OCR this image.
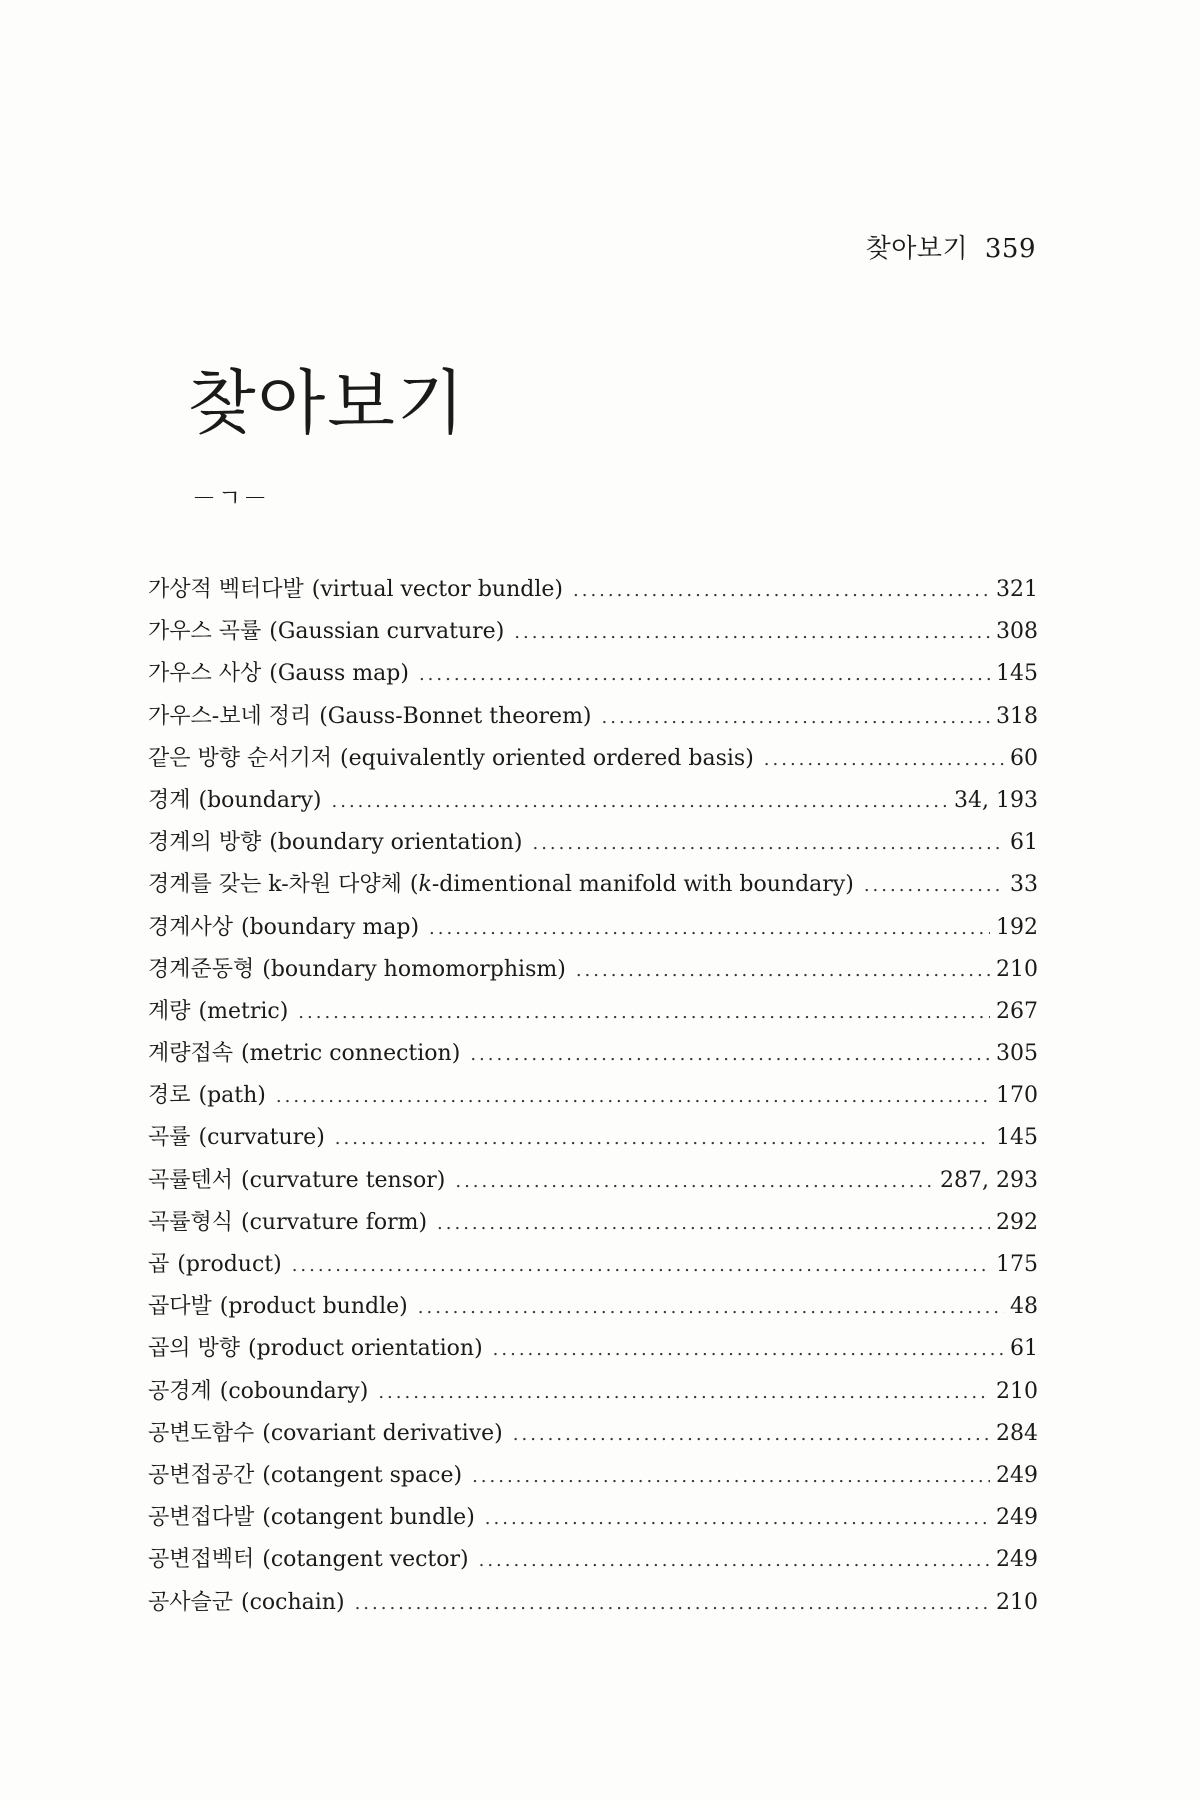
찾아보기 359
찾아보기
－ㄱ－
가상적 벡터다발 (virtual vector bundle) .....	321
가우스 곡률 (Gaussian curvature) .....	308
가우스 사상 (Gauss map) .....	145
가우스-보네 정리 (Gauss-Bonnet theorem) .....	318
같은 방향 순서기저 (equivalently oriented ordered basis) .....	60
경계 (boundary) .....	34, 193
경계의 방향 (boundary orientation) .....	61
경계를 갖는 k-차원 다양체 (k-dimentional manifold with boundary) .....	33
경계사상 (boundary map) .....	192
경계준동형 (boundary homomorphism) .....	210
계량 (metric) .....	267
계량접속 (metric connection) .....	305
경로 (path) .....	170
곡률 (curvature) .....	145
곡률텐서 (curvature tensor) .....	287, 293
곡률형식 (curvature form) .....	292
곱 (product) .....	175
곱다발 (product bundle) .....	48
곱의 방향 (product orientation) .....	61
공경계 (coboundary) .....	210
공변도함수 (covariant derivative) .....	284
공변접공간 (cotangent space) .....	249
공변접다발 (cotangent bundle) .....	249
공변접벡터 (cotangent vector) .....	249
공사슬군 (cochain) .....	210
